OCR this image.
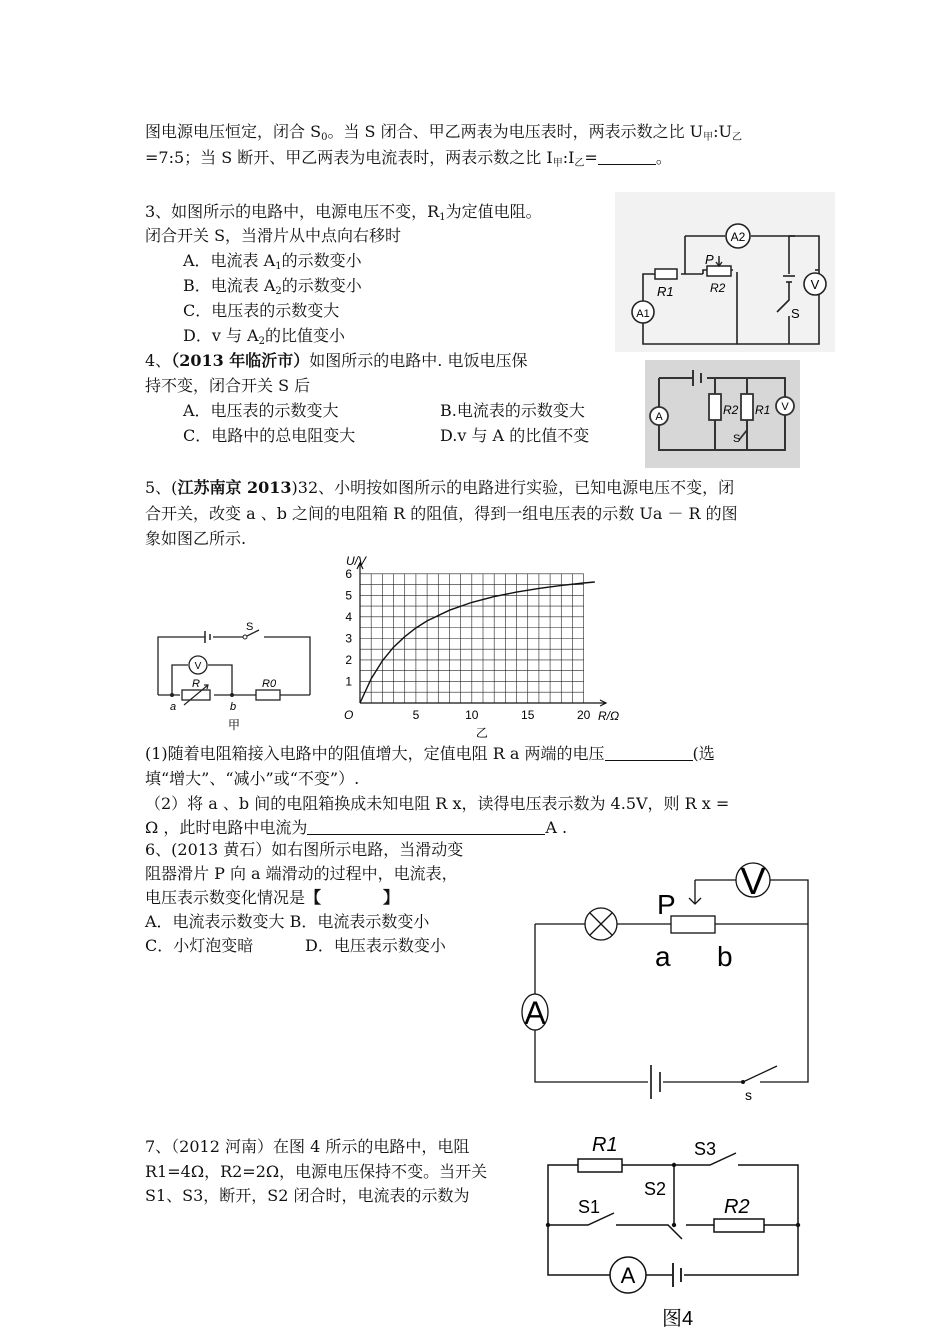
图电源电压恒定，闭合 $S_0$。当 S 闭合、甲乙两表为电压表时，两表示数之比 $U_甲:U_乙$
=7:5；当 S 断开、甲乙两表为电流表时，两表示数之比 $I_甲:I_乙=$	。
3、如图所示的电路中，电源电压不变，$R_1$为定值电阻。
闭合开关 S，当滑片从中点向右移时
A．电流表 $A_1$的示数变小
B．电流表 $A_2$的示数变小
C．电压表的示数变大
D．v 与 $A_2$的比值变小
A2
A1
V
R1	R2
P
S
4、（2013 年临沂市）如图所示的电路中. 电饭电压保
持不变，闭合开关 S 后
A．电压表的示数变大	B.电流表的示数变大
C．电路中的总电阻变大	D.v 与 A 的比值不变
A
V
R2 R1
S
5、(江苏南京 2013)32、小明按如图所示的电路进行实验，已知电源电压不变，闭
合开关，改变 a 、b 之间的电阻箱 R 的阻值，得到一组电压表的示数 Ua － R 的图
象如图乙所示.
V
S
R	R0
a	b
甲
5	10	15	20
1
2
3
4
5
6
U/V
R/Ω
O
乙
(1)随着电阻箱接入电路中的阻值增大，定值电阻 R a 两端的电压	(选
填“增大”、“减小”或“不变”）.
（2）将 a 、b 间的电阻箱换成未知电阻 R x，读得电压表示数为 4.5V，则 R x =
Ω ，此时电路中电流为	A .
6、(2013 黄石）如右图所示电路，当滑动变
阻器滑片 P 向 a 端滑动的过程中，电流表，
电压表示数变化情况是【	】
A．电流表示数变大 B．电流表示数变小
C．小灯泡变暗	D．电压表示数变小
V
P
a b
A
s
7、（2012 河南）在图 4 所示的电路中，电阻
R1=4Ω，R2=2Ω，电源电压保持不变。当开关
S1、S3，断开，S2 闭合时，电流表的示数为
A
R1
R2
S1
S2
S3
图4
